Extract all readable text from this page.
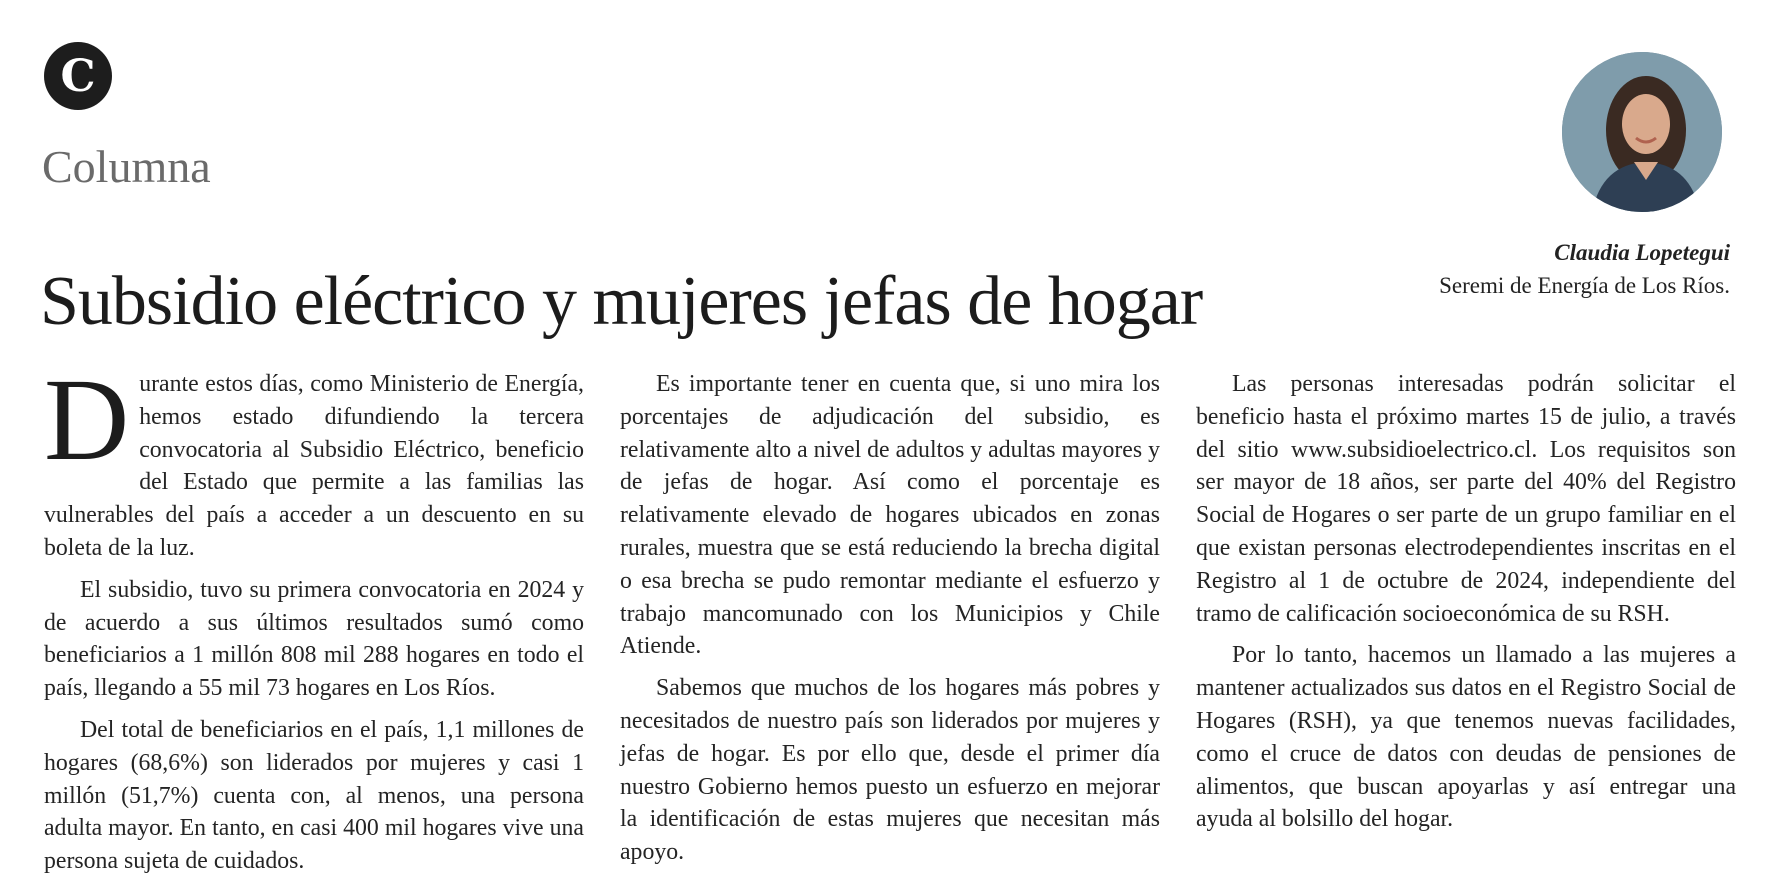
C
Columna
Claudia Lopetegui
Seremi de Energía de Los Ríos.
Subsidio eléctrico y mujeres jefas de hogar

Durante estos días, como Ministerio de Energía, hemos estado difundiendo la tercera convocatoria al Subsidio Eléctrico, beneficio del Estado que permite a las familias las vulnerables del país a acceder a un descuento en su boleta de la luz.

El subsidio, tuvo su primera convocatoria en 2024 y de acuerdo a sus últimos resultados sumó como beneficiarios a 1 millón 808 mil 288 hogares en todo el país, llegando a 55 mil 73 hogares en Los Ríos.

Del total de beneficiarios en el país, 1,1 millones de hogares (68,6%) son liderados por mujeres y casi 1 millón (51,7%) cuenta con, al menos, una persona adulta mayor. En tanto, en casi 400 mil hogares vive una persona sujeta de cuidados.

Es importante tener en cuenta que, si uno mira los porcentajes de adjudicación del subsidio, es relativamente alto a nivel de adultos y adultas mayores y de jefas de hogar. Así como el porcentaje es relativamente elevado de hogares ubicados en zonas rurales, muestra que se está reduciendo la brecha digital o esa brecha se pudo remontar mediante el esfuerzo y trabajo mancomunado con los Municipios y Chile Atiende.

Sabemos que muchos de los hogares más pobres y necesitados de nuestro país son liderados por mujeres y jefas de hogar. Es por ello que, desde el primer día nuestro Gobierno hemos puesto un esfuerzo en mejorar la identificación de estas mujeres que necesitan más apoyo.

Las personas interesadas podrán solicitar el beneficio hasta el próximo martes 15 de julio, a través del sitio www.subsidioelectrico.cl. Los requisitos son ser mayor de 18 años, ser parte del 40% del Registro Social de Hogares o ser parte de un grupo familiar en el que existan personas electrodependientes inscritas en el Registro al 1 de octubre de 2024, independiente del tramo de calificación socioeconómica de su RSH.

Por lo tanto, hacemos un llamado a las mujeres a mantener actualizados sus datos en el Registro Social de Hogares (RSH), ya que tenemos nuevas facilidades, como el cruce de datos con deudas de pensiones de alimentos, que buscan apoyarlas y así entregar una ayuda al bolsillo del hogar.
